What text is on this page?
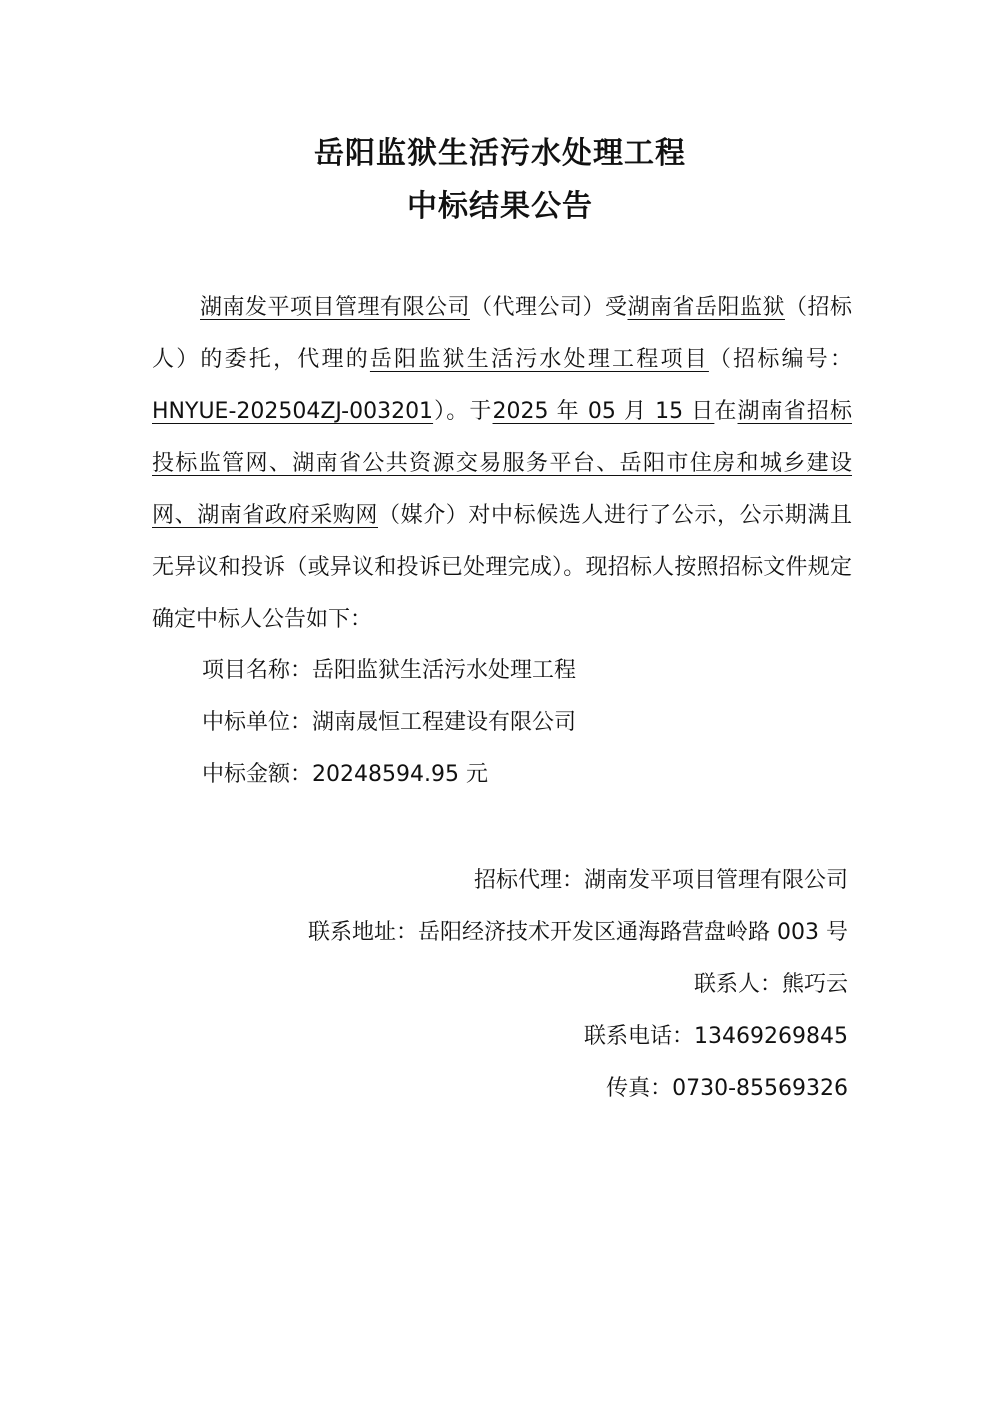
岳阳监狱生活污水处理工程
中标结果公告
湖南发平项目管理有限公司（代理公司）受湖南省岳阳监狱（招标人）的委托，代理的岳阳监狱生活污水处理工程项目（招标编号：HNYUE-202504ZJ-003201）。于2025 年 05 月 15 日在湖南省招标投标监管网、湖南省公共资源交易服务平台、岳阳市住房和城乡建设网、湖南省政府采购网（媒介）对中标候选人进行了公示，公示期满且无异议和投诉（或异议和投诉已处理完成）。现招标人按照招标文件规定确定中标人公告如下：
项目名称：岳阳监狱生活污水处理工程
中标单位：湖南晟恒工程建设有限公司
中标金额：20248594.95 元
招标代理：湖南发平项目管理有限公司
联系地址：岳阳经济技术开发区通海路营盘岭路 003 号
联系人：熊巧云
联系电话：13469269845
传真：0730-85569326
